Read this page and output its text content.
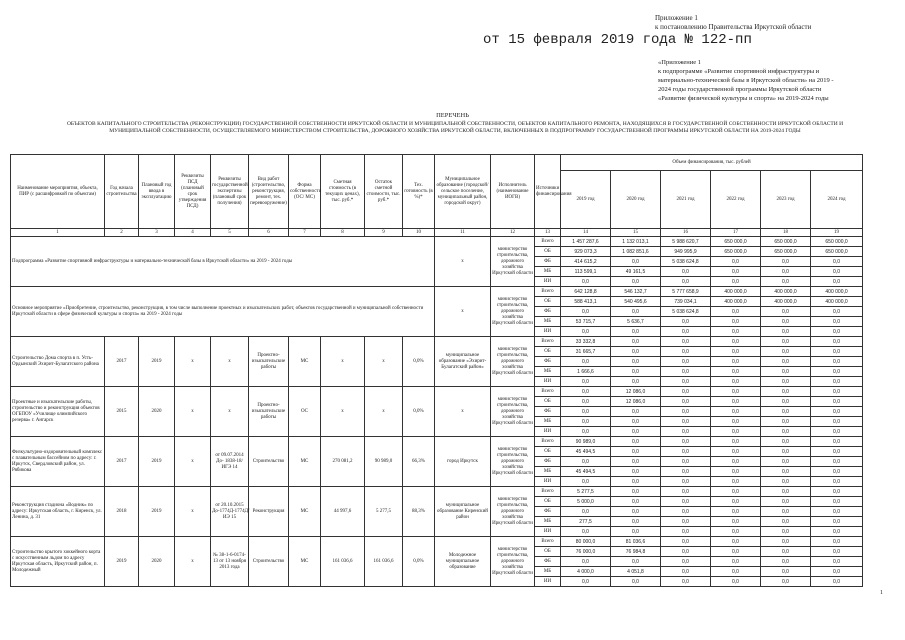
Приложение 1
к постановлению Правительства Иркутской области
от 15 февраля 2019 года № 122-пп
«Приложение 1
к подпрограмме «Развитие спортивной инфраструктуры и
материально-технической базы в Иркутской области» на 2019 -
2024 годы государственной программы Иркутской области
«Развитие физической культуры и спорта» на 2019-2024 годы
ПЕРЕЧЕНЬ
ОБЪЕКТОВ КАПИТАЛЬНОГО СТРОИТЕЛЬСТВА (РЕКОНСТРУКЦИИ) ГОСУДАРСТВЕННОЙ СОБСТВЕННОСТИ ИРКУТСКОЙ ОБЛАСТИ И МУНИЦИПАЛЬНОЙ СОБСТВЕННОСТИ, ОБЪЕКТОВ КАПИТАЛЬНОГО РЕМОНТА, НАХОДЯЩИХСЯ В ГОСУДАРСТВЕННОЙ СОБСТВЕННОСТИ ИРКУТСКОЙ ОБЛАСТИ И МУНИЦИПАЛЬНОЙ СОБСТВЕННОСТИ, ОСУЩЕСТВЛЯЕМОГО МИНИСТЕРСТВОМ СТРОИТЕЛЬСТВА, ДОРОЖНОГО ХОЗЯЙСТВА ИРКУТСКОЙ ОБЛАСТИ, ВКЛЮЧЕННЫХ В ПОДПРОГРАММУ ГОСУДАРСТВЕННОЙ ПРОГРАММЫ ИРКУТСКОЙ ОБЛАСТИ НА 2019-2024 ГОДЫ
Наименование мероприятия, объекта, ПИР (с расшифровкой по объектам)	Год начала строительства	Плановый год ввода в эксплуатацию	Реквизиты ПСД (плановый срок утверждения ПСД)	Реквизиты государственной экспертизы (плановый срок получения)	Вид работ (строительство, реконструкция, ремонт, тех. перевооружение)	Форма собственности (ОС/ МС)	Сметная стоимость (в текущих ценах), тыс. руб.*	Остаток сметной стоимости, тыс. руб.*	Тех. готовность (в %)*	Муниципальное образование (городской/сельское поселение, муниципальный район, городской округ)	Исполнитель (наименование ИОГВ)	Источники финансирования	Объем финансирования, тыс. рублей					
													2019 год	2020 год	2021 год	2022 год	2023 год	2024 год
1	2	3	4	5	6	7	8	9	10	11	12	13	14	15	16	17	18	19
Подпрограмма «Развитие спортивной инфраструктуры и материально-технической базы в Иркутской области» на 2019 - 2024 годы										х	министерство строительства, дорожного хозяйства Иркутской области	Всего	1 457 287,6	1 132 013,1	5 988 620,7	650 000,0	650 000,0	650 000,0
												ОБ	929 073,3	1 082 851,6	949 995,9	650 000,0	650 000,0	650 000,0
												ФБ	414 615,2	0,0	5 038 624,8	0,0	0,0	0,0
												МБ	113 599,1	49 161,5	0,0	0,0	0,0	0,0
												ИИ	0,0	0,0	0,0	0,0	0,0	0,0
Основное мероприятие «Приобретение, строительство, реконструкция, в том числе выполнение проектных и изыскательских работ, объектов государственной и муниципальной собственности Иркутской области в сфере физической культуры и спорта» на 2019 - 2024 годы										х	министерство строительства, дорожного хозяйства Иркутской области	Всего	642 128,8	546 132,7	5 777 658,9	400 000,0	400 000,0	400 000,0
												ОБ	588 413,1	540 495,6	739 034,1	400 000,0	400 000,0	400 000,0
												ФБ	0,0	0,0	5 038 624,8	0,0	0,0	0,0
												МБ	53 715,7	5 636,7	0,0	0,0	0,0	0,0
												ИИ	0,0	0,0	0,0	0,0	0,0	0,0
Строительство Дома спорта в п. Усть-Ордынский Эхирит-Булагатского района	2017	2019	х	х	Проектно-изыскательские работы	МС	х	х	0,0%	муниципальное образование «Эхирит-Булагатский район»	министерство строительства, дорожного хозяйства Иркутской области	Всего	33 332,8	0,0	0,0	0,0	0,0	0,0
												ОБ	31 665,7	0,0	0,0	0,0	0,0	0,0
												ФБ	0,0	0,0	0,0	0,0	0,0	0,0
												МБ	1 666,6	0,0	0,0	0,0	0,0	0,0
												ИИ	0,0	0,0	0,0	0,0	0,0	0,0
Проектные и изыскательские работы, строительство и реконструкция объектов ОГБПОУ «Училище олимпийского резерва» г. Ангарск	2015	2020	х	х	Проектно-изыскательские работы	ОС	х	х	0,0%	х	министерство строительства, дорожного хозяйства Иркутской области	Всего	0,0	12 086,0	0,0	0,0	0,0	0,0
												ОБ	0,0	12 086,0	0,0	0,0	0,0	0,0
												ФБ	0,0	0,0	0,0	0,0	0,0	0,0
												МБ	0,0	0,0	0,0	0,0	0,0	0,0
												ИИ	0,0	0,0	0,0	0,0	0,0	0,0
Физкультурно-оздоровительный комплекс с плавательным бассейном по адресу: г. Иркутск, Свердловский район, ул. Рябикова	2017	2019	х	от 09.07.2014 До- 1838-18/ИГЭ 14	Строительство	МС	270 081,2	90 989,0	66,3%	город Иркутск	министерство строительства, дорожного хозяйства Иркутской области	Всего	90 989,0	0,0	0,0	0,0	0,0	0,0
												ОБ	45 494,5	0,0	0,0	0,0	0,0	0,0
												ФБ	0,0	0,0	0,0	0,0	0,0	0,0
												МБ	45 494,5	0,0	0,0	0,0	0,0	0,0
												ИИ	0,0	0,0	0,0	0,0	0,0	0,0
Реконструкция стадиона «Водник» по адресу: Иркутская область, г. Киренск, ул. Ленина, д. 31	2018	2019	х	от 20.10.2015 До-1774Д-1774Д/ИЭ 15	Реконструкция	МС	44 997,6	5 277,5	88,3%	муниципальное образование Киренский район	министерство строительства, дорожного хозяйства Иркутской области	Всего	5 277,5	0,0	0,0	0,0	0,0	0,0
												ОБ	5 000,0	0,0	0,0	0,0	0,0	0,0
												ФБ	0,0	0,0	0,0	0,0	0,0	0,0
												МБ	277,5	0,0	0,0	0,0	0,0	0,0
												ИИ	0,0	0,0	0,0	0,0	0,0	0,0
Строительство крытого хоккейного корта с искусственным льдом по адресу Иркутская область, Иркутский район, п. Молодежный	2019	2020	х	№ 38-1-6-0174-13 от 13 ноября 2013 года	Строительство	МС	161 036,6	161 036,6	0,0%	Молодежное муниципальное образование	министерство строительства, дорожного хозяйства Иркутской области	Всего	80 000,0	81 036,6	0,0	0,0	0,0	0,0
												ОБ	76 000,0	76 984,8	0,0	0,0	0,0	0,0
												ФБ	0,0	0,0	0,0	0,0	0,0	0,0
												МБ	4 000,0	4 051,8	0,0	0,0	0,0	0,0
												ИИ	0,0	0,0	0,0	0,0	0,0	0,0
1
